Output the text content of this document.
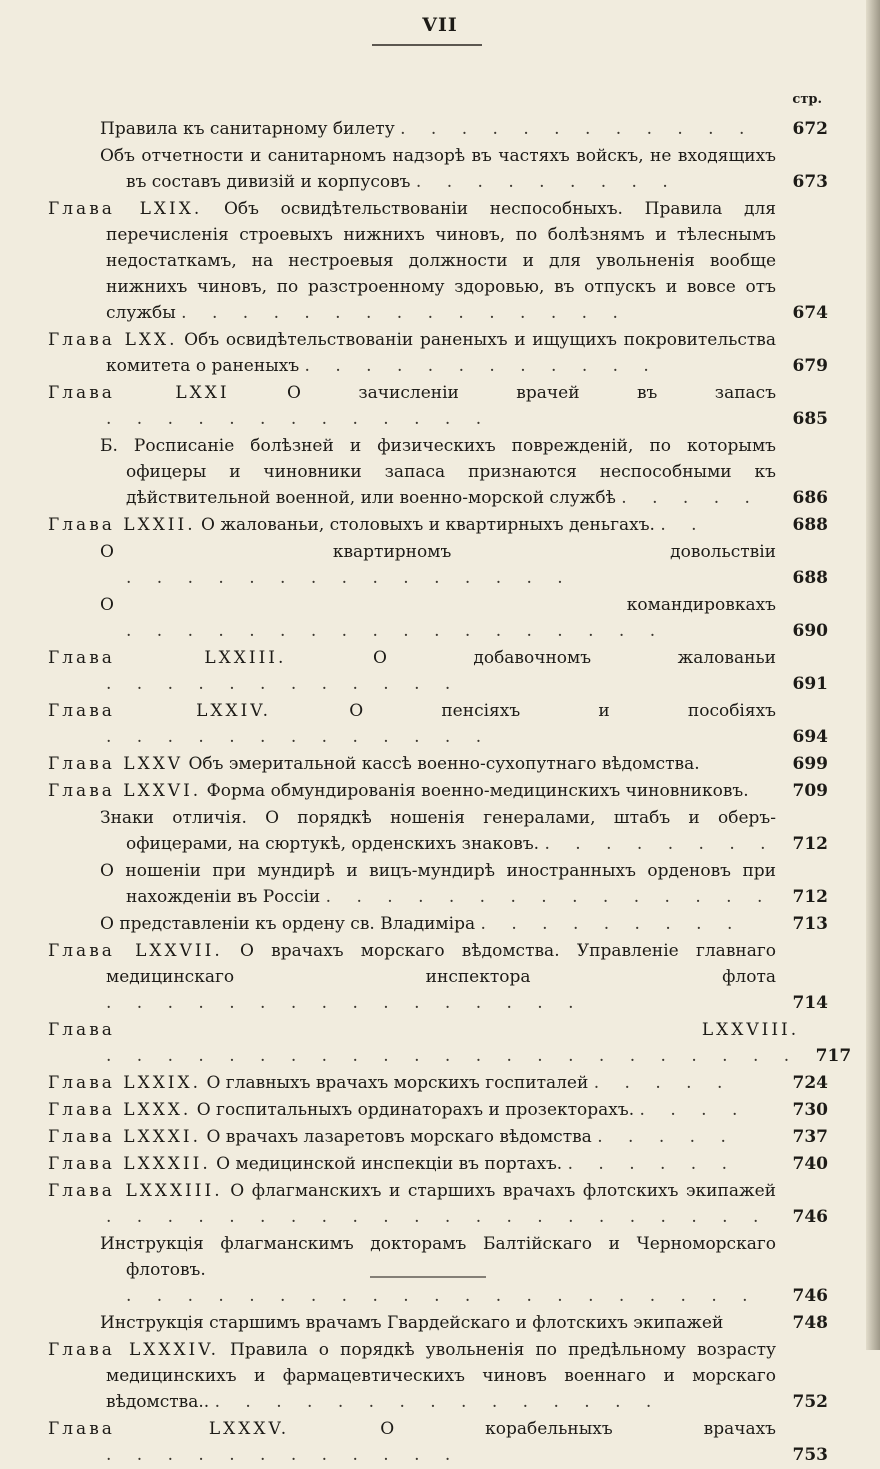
VII
стр.
Правила къ санитарному билету . . . . . . . . . . . .	672
Объ отчетности и санитарномъ надзорѣ въ частяхъ войскъ, не входящихъ въ составъ дивизій и корпусовъ . . . . . . . . .	673
Глава LXIX. Объ освидѣтельствованіи неспособныхъ. Правила для перечисленія строевыхъ нижнихъ чиновъ, по болѣзнямъ и тѣлеснымъ недостаткамъ, на нестроевыя должности и для увольненія вообще нижнихъ чиновъ, по разстроенному здоровью, въ отпускъ и вовсе отъ службы . . . . . . . . . . . . . . .	674
Глава LXX. Объ освидѣтельствованіи раненыхъ и ищущихъ покровительства комитета о раненыхъ . . . . . . . . . . . .	679
Глава LXXI	О зачисленіи врачей въ запасъ . . . . . . . . . . . . .	685
Б. Росписаніе болѣзней и физическихъ поврежденій, по которымъ офицеры и чиновники запаса признаются неспособными къ дѣйствительной военной, или военно-морской службѣ . . . . .	686
Глава LXXII. О жалованьи, столовыхъ и квартирныхъ деньгахъ. . .	688
О квартирномъ довольствіи . . . . . . . . . . . . . . .	688
О командировкахъ . . . . . . . . . . . . . . . . . .	690
Глава LXXIII.	О добавочномъ жалованьи . . . . . . . . . . . .	691
Глава LXXIV.	О пенсіяхъ и пособіяхъ . . . . . . . . . . . . .	694
Глава LXXV Объ эмеритальной кассѣ военно-сухопутнаго вѣдомства.	699
Глава LXXVI. Форма обмундированія военно-медицинскихъ чиновниковъ.	709
Знаки отличія. О порядкѣ ношенія генералами, штабъ и оберъ-офицерами, на сюртукѣ, орденскихъ знаковъ. . . . . . . . . 712
О ношеніи при мундирѣ и вицъ-мундирѣ иностранныхъ орденовъ при нахожденіи въ Россіи . . . . . . . . . . . . . . .	712
О представленіи къ ордену св. Владиміра . . . . . . . . .	713
Глава LXXVII. О врачахъ морскаго вѣдомства. Управленіе главнаго медицинскаго инспектора флота . . . . . . . . . . . . . . . .	714
Глава LXXVIII. . . . . . . . . . . . . . . . . . . . . . . . 717
Глава LXXIX. О главныхъ врачахъ морскихъ госпиталей . . . . .	724
Глава LXXX. О госпитальныхъ ординаторахъ и прозекторахъ. . . . .	730
Глава LXXXI. О врачахъ лазаретовъ морскаго вѣдомства . . . . .	737
Глава LXXXII. О медицинской инспекціи въ портахъ. . . . . . .	740
Глава LXXXIII. О флагманскихъ и старшихъ врачахъ флотскихъ экипажей . . . . . . . . . . . . . . . . . . . . . .	746
Инструкція флагманскимъ докторамъ Балтійскаго и Черноморскаго флотовъ. . . . . . . . . . . . . . . . . . . . . .	746
Инструкція старшимъ врачамъ Гвардейскаго и флотскихъ экипажей	748
Глава LXXXIV. Правила о порядкѣ увольненія по предѣльному возрасту медицинскихъ и фармацевтическихъ чиновъ военнаго и морскаго вѣдомства.. . . . . . . . . . . . . . . .	752
Глава LXXXV.	О корабельныхъ врачахъ . . . . . . . . . . . .	753
